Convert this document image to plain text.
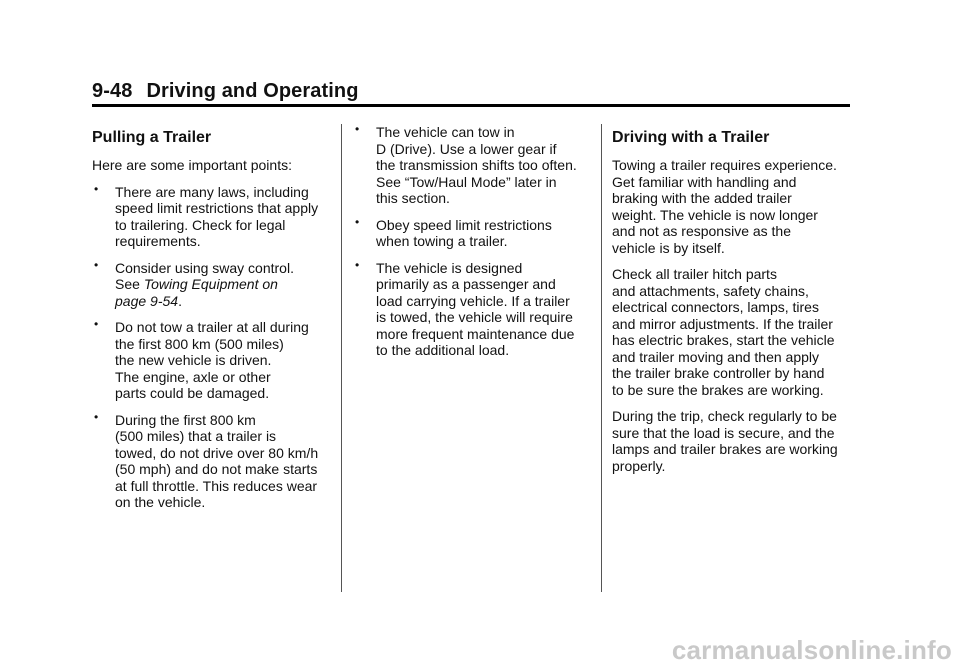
9-48 Driving and Operating
Pulling a Trailer

Here are some important points:

• There are many laws, including
speed limit restrictions that apply
to trailering. Check for legal
requirements.
• Consider using sway control.
See Towing Equipment on
page 9-54.
• Do not tow a trailer at all during
the first 800 km (500 miles)
the new vehicle is driven.
The engine, axle or other
parts could be damaged.
• During the first 800 km
(500 miles) that a trailer is
towed, do not drive over 80 km/h
(50 mph) and do not make starts
at full throttle. This reduces wear
on the vehicle.
• The vehicle can tow in
D (Drive). Use a lower gear if
the transmission shifts too often.
See “Tow/Haul Mode” later in
this section.
• Obey speed limit restrictions
when towing a trailer.
• The vehicle is designed
primarily as a passenger and
load carrying vehicle. If a trailer
is towed, the vehicle will require
more frequent maintenance due
to the additional load.
Driving with a Trailer

Towing a trailer requires experience.
Get familiar with handling and
braking with the added trailer
weight. The vehicle is now longer
and not as responsive as the
vehicle is by itself.

Check all trailer hitch parts
and attachments, safety chains,
electrical connectors, lamps, tires
and mirror adjustments. If the trailer
has electric brakes, start the vehicle
and trailer moving and then apply
the trailer brake controller by hand
to be sure the brakes are working.

During the trip, check regularly to be
sure that the load is secure, and the
lamps and trailer brakes are working
properly.

carmanualsonline.info
